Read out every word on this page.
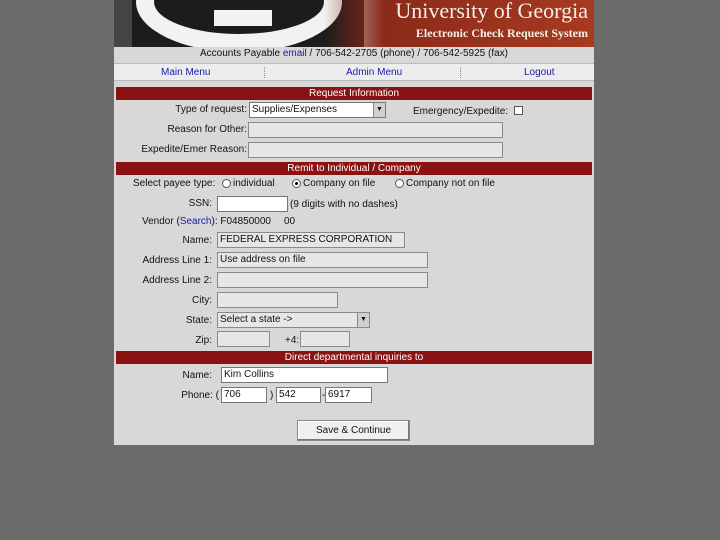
University of Georgia
Electronic Check Request System
Accounts Payable email / 706-542-2705 (phone) / 706-542-5925 (fax)
Main Menu	Admin Menu	Logout
Request Information
Type of request: Supplies/Expenses	▼	Emergency/Expedite:
Reason for Other:
Expedite/Emer Reason:
Remit to Individual / Company
Select payee type: individual	Company on file	Company not on file
SSN:	(9 digits with no dashes)
Vendor (Search): F04850000 00
Name: FEDERAL EXPRESS CORPORATION
Address Line 1: Use address on file
Address Line 2:
City:
State: Select a state ->	▼
Zip:	+4:
Direct departmental inquiries to
Name:	Kim Collins
Phone: ( 706	) 542	- 6917
Save & Continue
